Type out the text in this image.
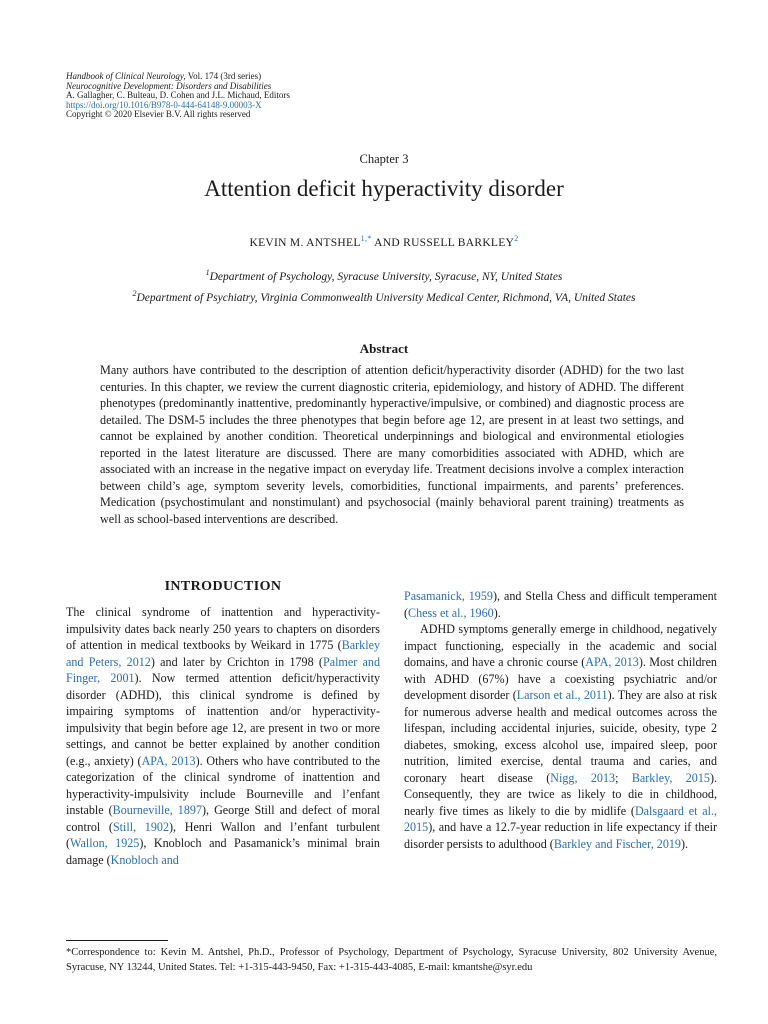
Handbook of Clinical Neurology, Vol. 174 (3rd series)
Neurocognitive Development: Disorders and Disabilities
A. Gallagher, C. Bulteau, D. Cohen and J.L. Michaud, Editors
https://doi.org/10.1016/B978-0-444-64148-9.00003-X
Copyright © 2020 Elsevier B.V. All rights reserved
Chapter 3
Attention deficit hyperactivity disorder
KEVIN M. ANTSHEL$^{1,*}$ AND RUSSELL BARKLEY$^2$
$^1$Department of Psychology, Syracuse University, Syracuse, NY, United States
$^2$Department of Psychiatry, Virginia Commonwealth University Medical Center, Richmond, VA, United States
Abstract

Many authors have contributed to the description of attention deficit/hyperactivity disorder (ADHD) for the two last centuries. In this chapter, we review the current diagnostic criteria, epidemiology, and history of ADHD. The different phenotypes (predominantly inattentive, predominantly hyperactive/impulsive, or combined) and diagnostic process are detailed. The DSM-5 includes the three phenotypes that begin before age 12, are present in at least two settings, and cannot be explained by another condition. Theoretical underpinnings and biological and environmental etiologies reported in the latest literature are discussed. There are many comorbidities associated with ADHD, which are associated with an increase in the negative impact on everyday life. Treatment decisions involve a complex interaction between child’s age, symptom severity levels, comorbidities, functional impairments, and parents’ preferences. Medication (psychostimulant and nonstimulant) and psychosocial (mainly behavioral parent training) treatments as well as school-based interventions are described.

INTRODUCTION

The clinical syndrome of inattention and hyperactivity-impulsivity dates back nearly 250 years to chapters on disorders of attention in medical textbooks by Weikard in 1775 (Barkley and Peters, 2012) and later by Crichton in 1798 (Palmer and Finger, 2001). Now termed attention deficit/hyperactivity disorder (ADHD), this clinical syndrome is defined by impairing symptoms of inattention and/or hyperactivity-impulsivity that begin before age 12, are present in two or more settings, and cannot be better explained by another condition (e.g., anxiety) (APA, 2013). Others who have contributed to the categorization of the clinical syndrome of inattention and hyperactivity-impulsivity include Bourneville and l’enfant instable (Bourneville, 1897), George Still and defect of moral control (Still, 1902), Henri Wallon and l’enfant turbulent (Wallon, 1925), Knobloch and Pasamanick’s minimal brain damage (Knobloch and

Pasamanick, 1959), and Stella Chess and difficult temperament (Chess et al., 1960).
ADHD symptoms generally emerge in childhood, negatively impact functioning, especially in the academic and social domains, and have a chronic course (APA, 2013). Most children with ADHD (67%) have a coexisting psychiatric and/or development disorder (Larson et al., 2011). They are also at risk for numerous adverse health and medical outcomes across the lifespan, including accidental injuries, suicide, obesity, type 2 diabetes, smoking, excess alcohol use, impaired sleep, poor nutrition, limited exercise, dental trauma and caries, and coronary heart disease (Nigg, 2013; Barkley, 2015). Consequently, they are twice as likely to die in childhood, nearly five times as likely to die by midlife (Dalsgaard et al., 2015), and have a 12.7-year reduction in life expectancy if their disorder persists to adulthood (Barkley and Fischer, 2019).

*Correspondence to: Kevin M. Antshel, Ph.D., Professor of Psychology, Department of Psychology, Syracuse University, 802 University Avenue, Syracuse, NY 13244, United States. Tel: +1-315-443-9450, Fax: +1-315-443-4085, E-mail: kmantshe@syr.edu
